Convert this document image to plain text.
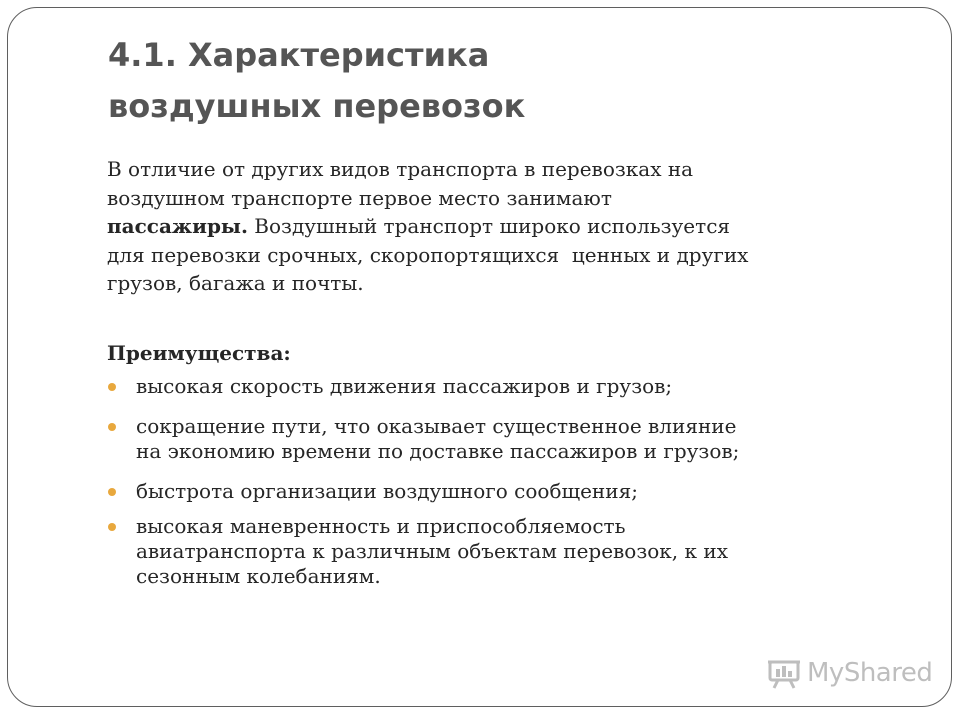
4.1. Характеристика
воздушных перевозок
В отличие от других видов транспорта в перевозках на
воздушном транспорте первое место занимают
пассажиры. Воздушный транспорт широко используется
для перевозки срочных, скоропортящихся  ценных и других
грузов, багажа и почты.
Преимущества:
высокая скорость движения пассажиров и грузов;
сокращение пути, что оказывает существенное влияние
на экономию времени по доставке пассажиров и грузов;
быстрота организации воздушного сообщения;
высокая маневренность и приспособляемость
авиатранспорта к различным объектам перевозок, к их
сезонным колебаниям.
MyShared
